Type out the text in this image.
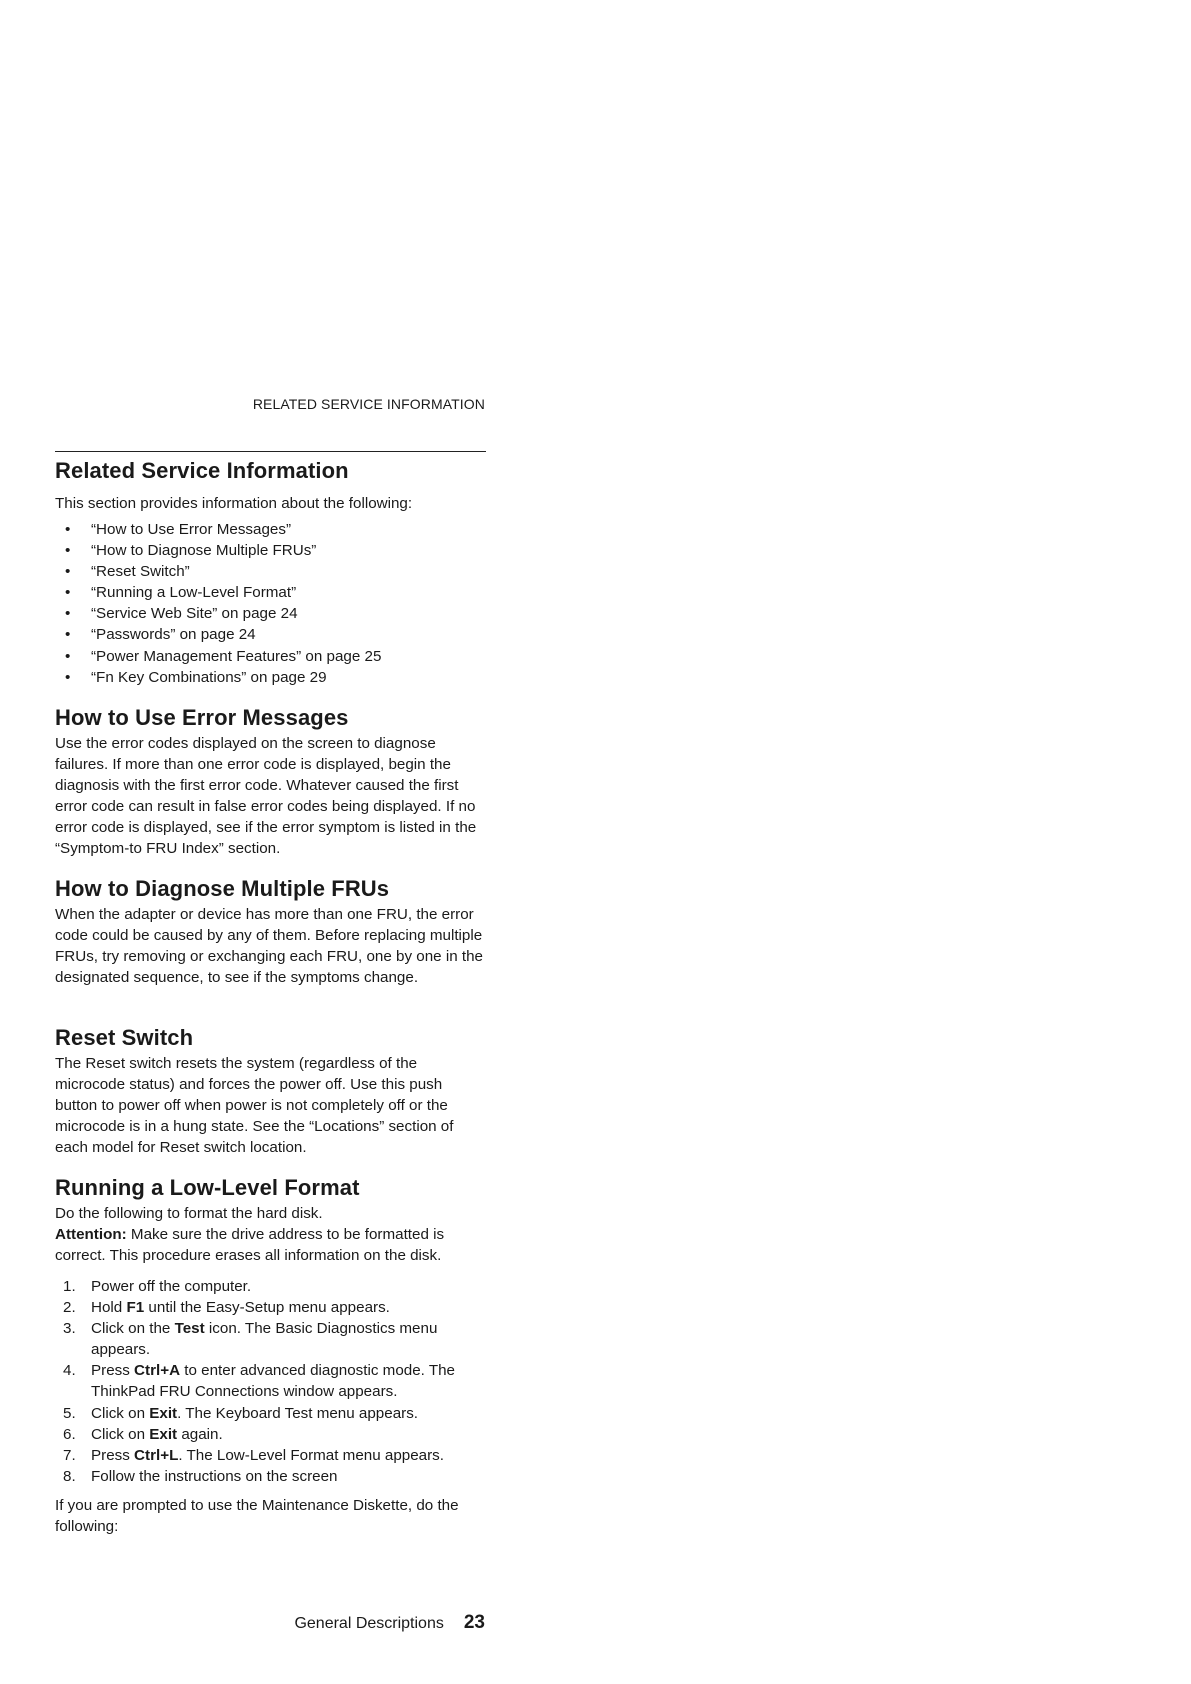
RELATED SERVICE INFORMATION
Related Service Information

This section provides information about the following:

• “How to Use Error Messages”
• “How to Diagnose Multiple FRUs”
• “Reset Switch”
• “Running a Low-Level Format”
• “Service Web Site” on page 24
• “Passwords” on page 24
• “Power Management Features” on page 25
• “Fn Key Combinations” on page 29
How to Use Error Messages

Use the error codes displayed on the screen to diagnose failures. If more than one error code is displayed, begin the diagnosis with the first error code. Whatever caused the first error code can result in false error codes being displayed. If no error code is displayed, see if the error symptom is listed in the “Symptom-to FRU Index” section.

How to Diagnose Multiple FRUs

When the adapter or device has more than one FRU, the error code could be caused by any of them. Before replacing multiple FRUs, try removing or exchanging each FRU, one by one in the designated sequence, to see if the symptoms change.

Reset Switch

The Reset switch resets the system (regardless of the microcode status) and forces the power off. Use this push button to power off when power is not completely off or the microcode is in a hung state. See the “Locations” section of each model for Reset switch location.

Running a Low-Level Format

Do the following to format the hard disk.

Attention: Make sure the drive address to be formatted is correct. This procedure erases all information on the disk.

1. Power off the computer.
2. Hold F1 until the Easy-Setup menu appears.
3. Click on the Test icon. The Basic Diagnostics menu appears.
4. Press Ctrl+A to enter advanced diagnostic mode. The ThinkPad FRU Connections window appears.
5. Click on Exit. The Keyboard Test menu appears.
6. Click on Exit again.
7. Press Ctrl+L. The Low-Level Format menu appears.
8. Follow the instructions on the screen

If you are prompted to use the Maintenance Diskette, do the following:

General Descriptions 23
